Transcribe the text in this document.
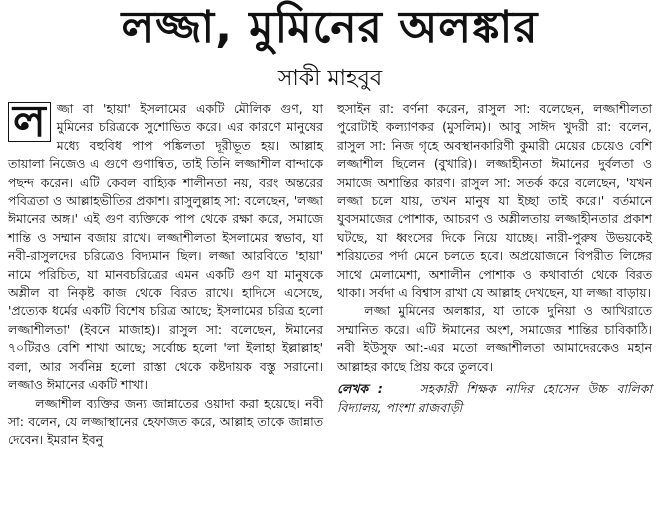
লজ্জা, মুমিনের অলঙ্কার
সাকী মাহবুব

ল জ্জা বা 'হায়া' ইসলামের একটি মৌলিক গুণ, যা মুমিনের চরিত্রকে সুশোভিত করে। এর কারণে মানুষের মধ্যে বহুবিধ পাপ পঙ্কিলতা দূরীভূত হয়। আল্লাহ তায়ালা নিজেও এ গুণে গুণান্বিত, তাই তিনি লজ্জাশীল বান্দাকে পছন্দ করেন। এটি কেবল বাহ্যিক শালীনতা নয়, বরং অন্তরের পবিত্রতা ও আল্লাহভীতির প্রকাশ। রাসুলুল্লাহ সা: বলেছেন, 'লজ্জা ঈমানের অঙ্গ।' এই গুণ ব্যক্তিকে পাপ থেকে রক্ষা করে, সমাজে শান্তি ও সম্মান বজায় রাখে। লজ্জাশীলতা ইসলামের স্বভাব, যা নবী-রাসুলদের চরিত্রেও বিদ্যমান ছিল। লজ্জা আরবিতে 'হায়া' নামে পরিচিত, যা মানবচরিত্রের এমন একটি গুণ যা মানুষকে অশ্লীল বা নিকৃষ্ট কাজ থেকে বিরত রাখে। হাদিসে এসেছে, 'প্রত্যেক ধর্মের একটি বিশেষ চরিত্র আছে; ইসলামের চরিত্র হলো লজ্জাশীলতা' (ইবনে মাজাহ)। রাসুল সা: বলেছেন, ঈমানের ৭০টিরও বেশি শাখা আছে; সর্বোচ্চ হলো 'লা ইলাহা ইল্লাল্লাহ' বলা, আর সর্বনিম্ন হলো রাস্তা থেকে কষ্টদায়ক বস্তু সরানো। লজ্জাও ঈমানের একটি শাখা।

লজ্জাশীল ব্যক্তির জন্য জান্নাতের ওয়াদা করা হয়েছে। নবী সা: বলেন, যে লজ্জাস্থানের হেফাজত করে, আল্লাহ তাকে জান্নাত দেবেন। ইমরান ইবনু

হুসাইন রা: বর্ণনা করেন, রাসুল সা: বলেছেন, লজ্জাশীলতা পুরোটাই কল্যাণকর (মুসলিম)। আবু সাঈদ খুদরী রা: বলেন, রাসুল সা: নিজ গৃহে অবস্থানকারিণী কুমারী মেয়ের চেয়েও বেশি লজ্জাশীল ছিলেন (বুখারি)। লজ্জাহীনতা ঈমানের দুর্বলতা ও সমাজে অশান্তির কারণ। রাসুল সা: সতর্ক করে বলেছেন, 'যখন লজ্জা চলে যায়, তখন মানুষ যা ইচ্ছা তাই করে।' বর্তমানে যুবসমাজের পোশাক, আচরণ ও অশ্লীলতায় লজ্জাহীনতার প্রকাশ ঘটছে, যা ধ্বংসের দিকে নিয়ে যাচ্ছে। নারী-পুরুষ উভয়কেই শরিয়তের পর্দা মেনে চলতে হবে। অপ্রয়োজনে বিপরীত লিঙ্গের সাথে মেলামেশা, অশালীন পোশাক ও কথাবার্তা থেকে বিরত থাকা। সর্বদা এ বিশ্বাস রাখা যে আল্লাহ দেখছেন, যা লজ্জা বাড়ায়।

লজ্জা মুমিনের অলঙ্কার, যা তাকে দুনিয়া ও আখিরাতে সম্মানিত করে। এটি ঈমানের অংশ, সমাজের শান্তির চাবিকাঠি। নবী ইউসুফ আ:-এর মতো লজ্জাশীলতা আমাদেরকেও মহান আল্লাহর কাছে প্রিয় করে তুলবে।

লেখক :	সহকারী শিক্ষক নাদির হোসেন উচ্চ বালিকা বিদ্যালয়, পাংশা রাজবাড়ী
